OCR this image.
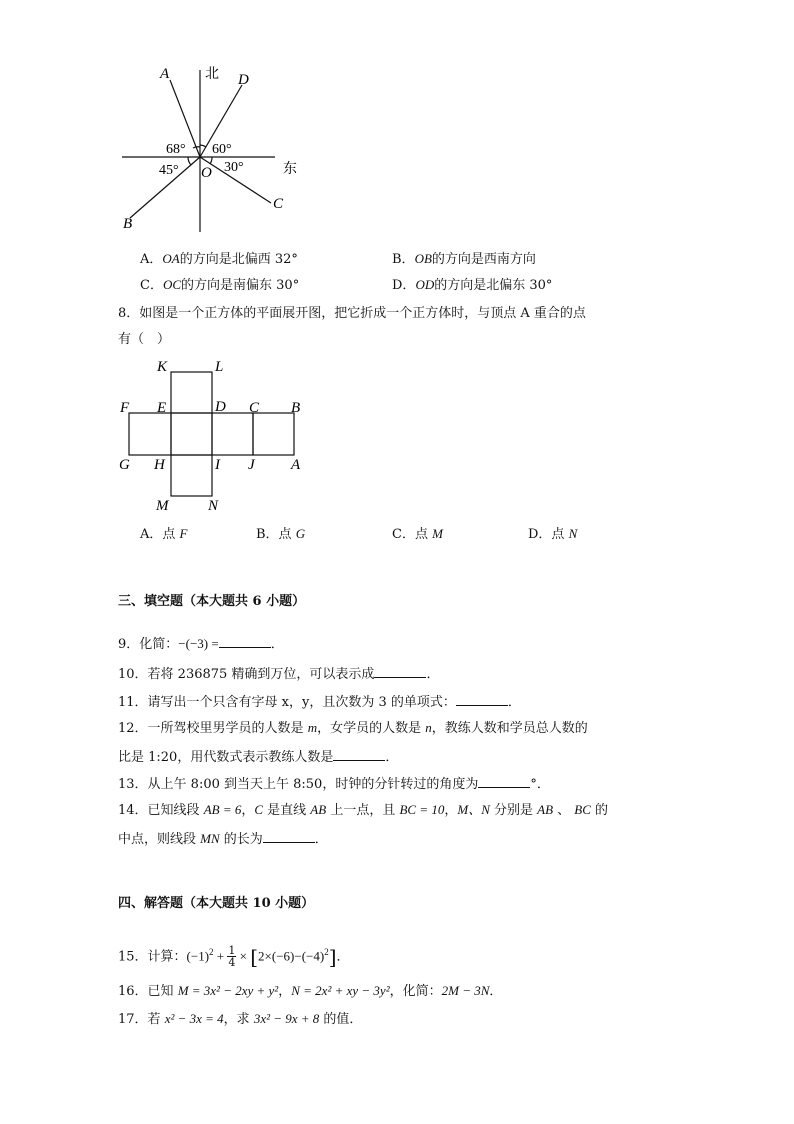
A	北 D
68° 60°
45° O 30°	东
C
B
A．OA的方向是北偏西 32°	B．OB的方向是西南方向
C．OC的方向是南偏东 30°	D．OD的方向是北偏东 30°
8．如图是一个正方体的平面展开图，把它折成一个正方体时，与顶点 A 重合的点
有（　）
K	L
F E	D C B
G H	I J A
M	N
A．点 F	B．点 G	C．点 M	D．点 N
三、填空题（本大题共 6 小题）
9．化简：−(−3) =	．
10．若将 236875 精确到万位，可以表示成	．
11．请写出一个只含有字母 x，y，且次数为 3 的单项式：	．
12．一所驾校里男学员的人数是 m，女学员的人数是 n，教练人数和学员总人数的
比是 1:20，用代数式表示教练人数是	．
13．从上午 8:00 到当天上午 8:50，时钟的分针转过的角度为	°．
14．已知线段 AB = 6，C 是直线 AB 上一点，且 BC = 10，M、N 分别是 AB 、 BC 的
中点，则线段 MN 的长为	．
四、解答题（本大题共 10 小题）
15．计算：$(-1)^2 + \frac{1}{4} \times [2\times(-6)-(-4)^2]$．
16．已知 M = 3x² − 2xy + y²，N = 2x² + xy − 3y²，化简：2M − 3N．
17．若 x² − 3x = 4，求 3x² − 9x + 8 的值．
